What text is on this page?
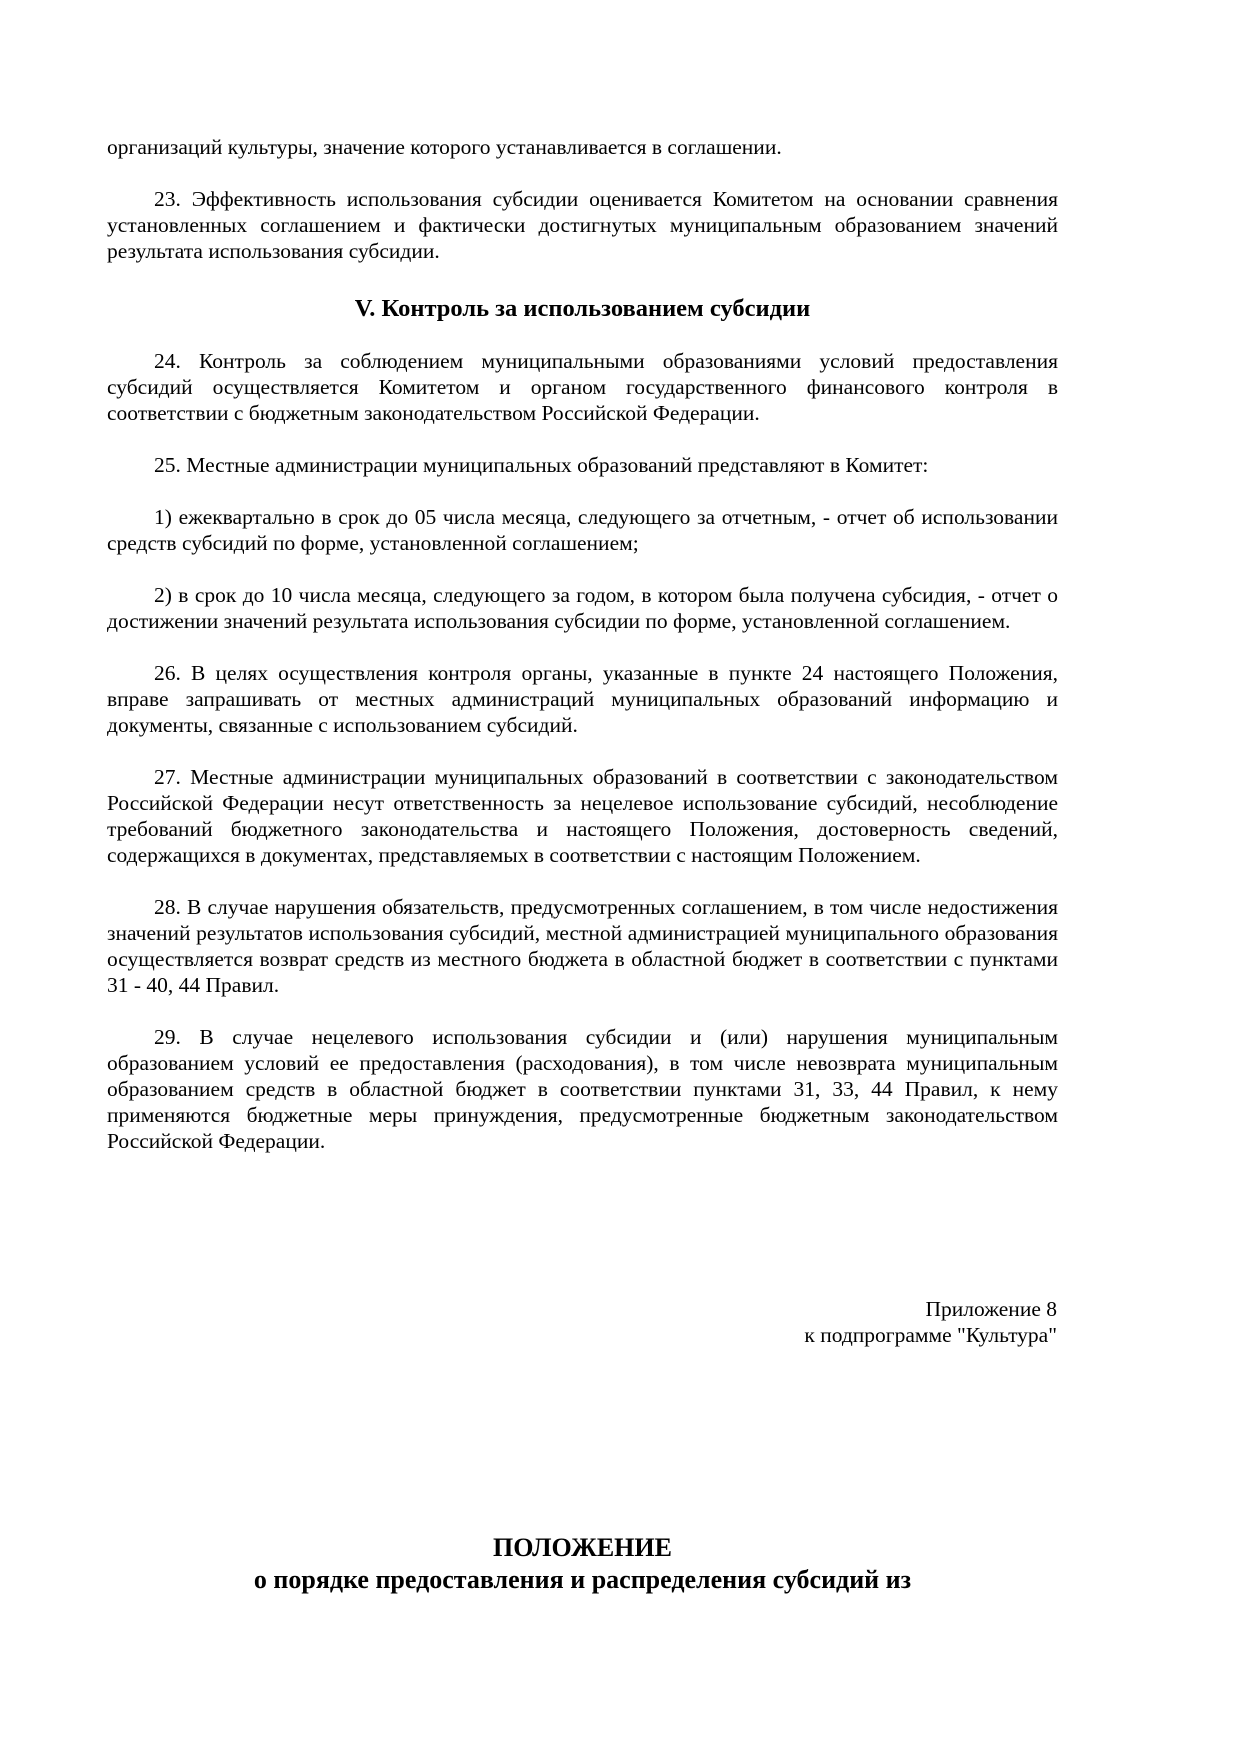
организаций культуры, значение которого устанавливается в соглашении.

23. Эффективность использования субсидии оценивается Комитетом на основании сравнения установленных соглашением и фактически достигнутых муниципальным образованием значений результата использования субсидии.

V. Контроль за использованием субсидии

24. Контроль за соблюдением муниципальными образованиями условий предоставления субсидий осуществляется Комитетом и органом государственного финансового контроля в соответствии с бюджетным законодательством Российской Федерации.

25. Местные администрации муниципальных образований представляют в Комитет:

1) ежеквартально в срок до 05 числа месяца, следующего за отчетным, - отчет об использовании средств субсидий по форме, установленной соглашением;

2) в срок до 10 числа месяца, следующего за годом, в котором была получена субсидия, - отчет о достижении значений результата использования субсидии по форме, установленной соглашением.

26. В целях осуществления контроля органы, указанные в пункте 24 настоящего Положения, вправе запрашивать от местных администраций муниципальных образований информацию и документы, связанные с использованием субсидий.

27. Местные администрации муниципальных образований в соответствии с законодательством Российской Федерации несут ответственность за нецелевое использование субсидий, несоблюдение требований бюджетного законодательства и настоящего Положения, достоверность сведений, содержащихся в документах, представляемых в соответствии с настоящим Положением.

28. В случае нарушения обязательств, предусмотренных соглашением, в том числе недостижения значений результатов использования субсидий, местной администрацией муниципального образования осуществляется возврат средств из местного бюджета в областной бюджет в соответствии с пунктами 31 - 40, 44 Правил.

29. В случае нецелевого использования субсидии и (или) нарушения муниципальным образованием условий ее предоставления (расходования), в том числе невозврата муниципальным образованием средств в областной бюджет в соответствии пунктами 31, 33, 44 Правил, к нему применяются бюджетные меры принуждения, предусмотренные бюджетным законодательством Российской Федерации.

Приложение 8
к подпрограмме "Культура"
ПОЛОЖЕНИЕ
о порядке предоставления и распределения субсидий из
